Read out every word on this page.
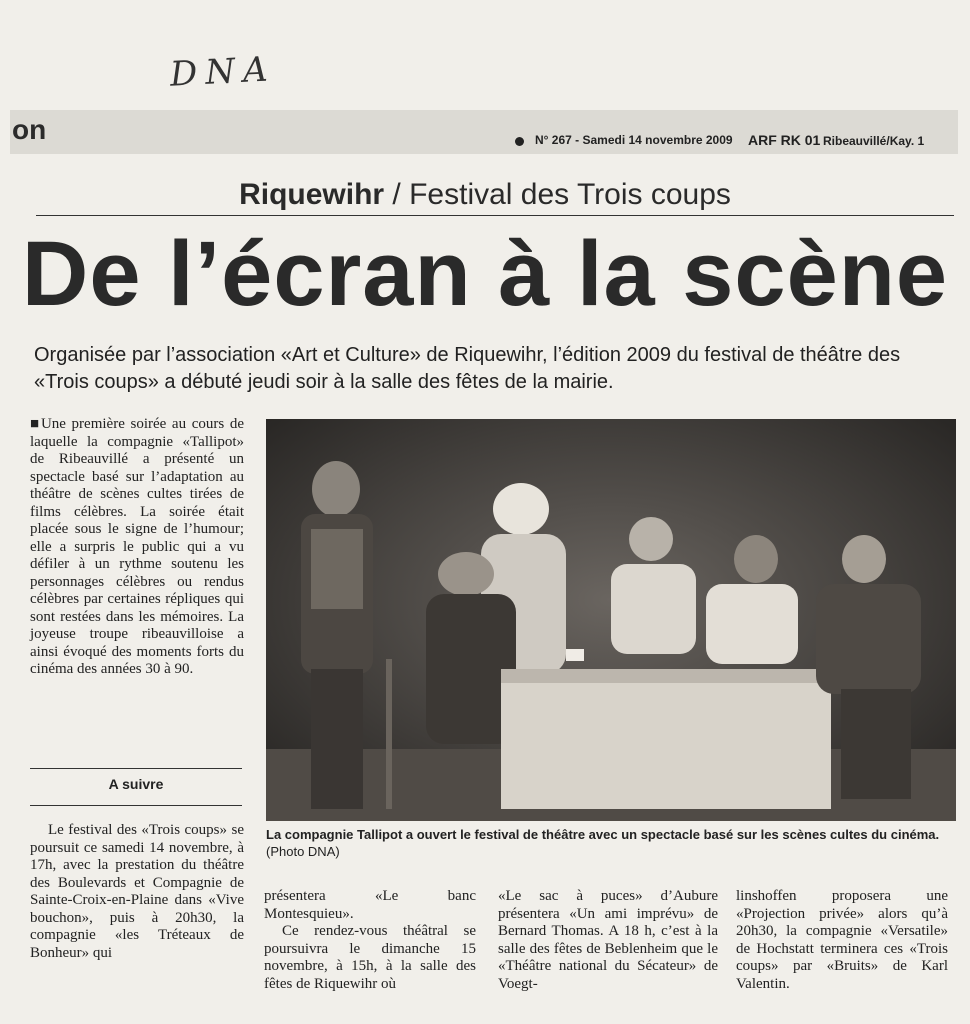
DNA
on	N° 267 - Samedi 14 novembre 2009 ARF RK 01 Ribeauvillé/Kay. 1
Riquewihr / Festival des Trois coups
De l’écran à la scène
Organisée par l’association «Art et Culture» de Riquewihr, l’édition 2009 du festival de théâtre des «Trois coups» a débuté jeudi soir à la salle des fêtes de la mairie.
La compagnie Tallipot a ouvert le festival de théâtre avec un spectacle basé sur les scènes cultes du cinéma. (Photo DNA)

■Une première soirée au cours de laquelle la compagnie «Tallipot» de Ribeauvillé a présenté un spectacle basé sur l’adaptation au théâtre de scènes cultes tirées de films célèbres. La soirée était placée sous le signe de l’humour; elle a surpris le public qui a vu défiler à un rythme soutenu les personnages célèbres ou rendus célèbres par certaines répliques qui sont restées dans les mémoires. La joyeuse troupe ribeauvilloise a ainsi évoqué des moments forts du cinéma des années 30 à 90.

A suivre

Le festival des «Trois coups» se poursuit ce samedi 14 novembre, à 17h, avec la prestation du théâtre des Boulevards et Compagnie de Sainte-Croix-en-Plaine dans «Vive bouchon», puis à 20h30, la compagnie «les Tréteaux de Bonheur» qui

présentera «Le banc Montesquieu».

Ce rendez-vous théâtral se poursuivra le dimanche 15 novembre, à 15h, à la salle des fêtes de Riquewihr où

«Le sac à puces» d’Aubure présentera «Un ami imprévu» de Bernard Thomas. A 18 h, c’est à la salle des fêtes de Beblenheim que le «Théâtre national du Sécateur» de Voegt-

linshoffen proposera une «Projection privée» alors qu’à 20h30, la compagnie «Versatile» de Hochstatt terminera ces «Trois coups» par «Bruits» de Karl Valentin.
